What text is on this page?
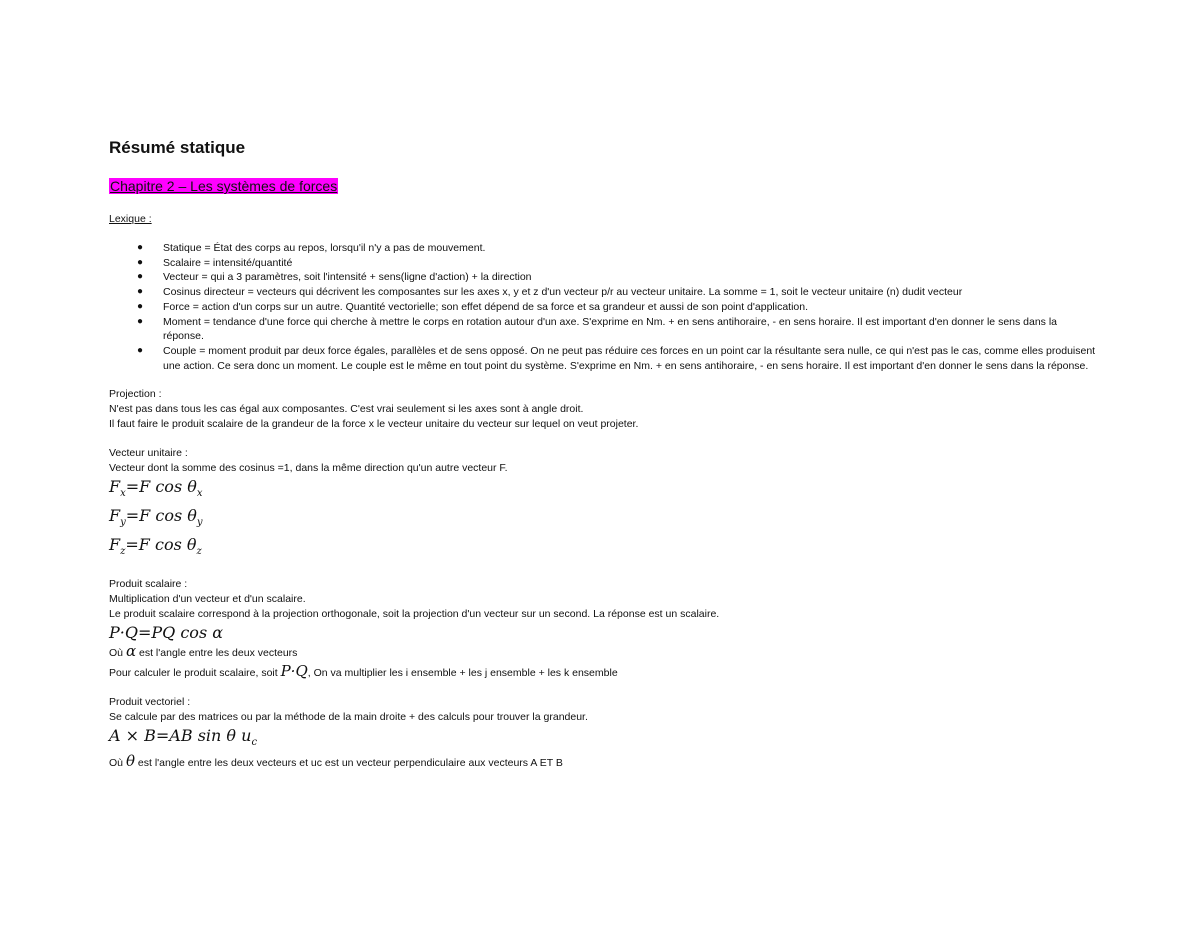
Résumé statique
Chapitre 2 – Les systèmes de forces
Lexique :
● Statique = État des corps au repos, lorsqu'il n'y a pas de mouvement.
● Scalaire = intensité/quantité
● Vecteur = qui a 3 paramètres, soit l'intensité + sens(ligne d'action) + la direction
● Cosinus directeur = vecteurs qui décrivent les composantes sur les axes x, y et z d'un vecteur p/r au vecteur unitaire. La somme = 1, soit le vecteur unitaire (n) dudit vecteur
● Force = action d'un corps sur un autre. Quantité vectorielle; son effet dépend de sa force et sa grandeur et aussi de son point d'application.
● Moment = tendance d'une force qui cherche à mettre le corps en rotation autour d'un axe. S'exprime en Nm. + en sens antihoraire, - en sens horaire. Il est important d'en donner le sens dans la réponse.
● Couple = moment produit par deux force égales, parallèles et de sens opposé. On ne peut pas réduire ces forces en un point car la résultante sera nulle, ce qui n'est pas le cas, comme elles produisent une action. Ce sera donc un moment. Le couple est le même en tout point du système. S'exprime en Nm. + en sens antihoraire, - en sens horaire. Il est important d'en donner le sens dans la réponse.
Projection :
N'est pas dans tous les cas égal aux composantes. C'est vrai seulement si les axes sont à angle droit.
Il faut faire le produit scalaire de la grandeur de la force x le vecteur unitaire du vecteur sur lequel on veut projeter.
Vecteur unitaire :
Vecteur dont la somme des cosinus =1, dans la même direction qu'un autre vecteur F.
$F_x=F$ $\cos \theta_x$
$F_y=F$ $\cos \theta_y$
$F_z=F$ $\cos \theta_z$
Produit scalaire :
Multiplication d'un vecteur et d'un scalaire.
Le produit scalaire correspond à la projection orthogonale, soit la projection d'un vecteur sur un second. La réponse est un scalaire.
P·Q=PQ cos α
Où α est l'angle entre les deux vecteurs
Pour calculer le produit scalaire, soit P·Q, On va multiplier les i ensemble + les j ensemble + les k ensemble
Produit vectoriel :
Se calcule par des matrices ou par la méthode de la main droite + des calculs pour trouver la grandeur.
A × B=AB sin θ $u_c$
Où θ est l'angle entre les deux vecteurs et uc est un vecteur perpendiculaire aux vecteurs A ET B
